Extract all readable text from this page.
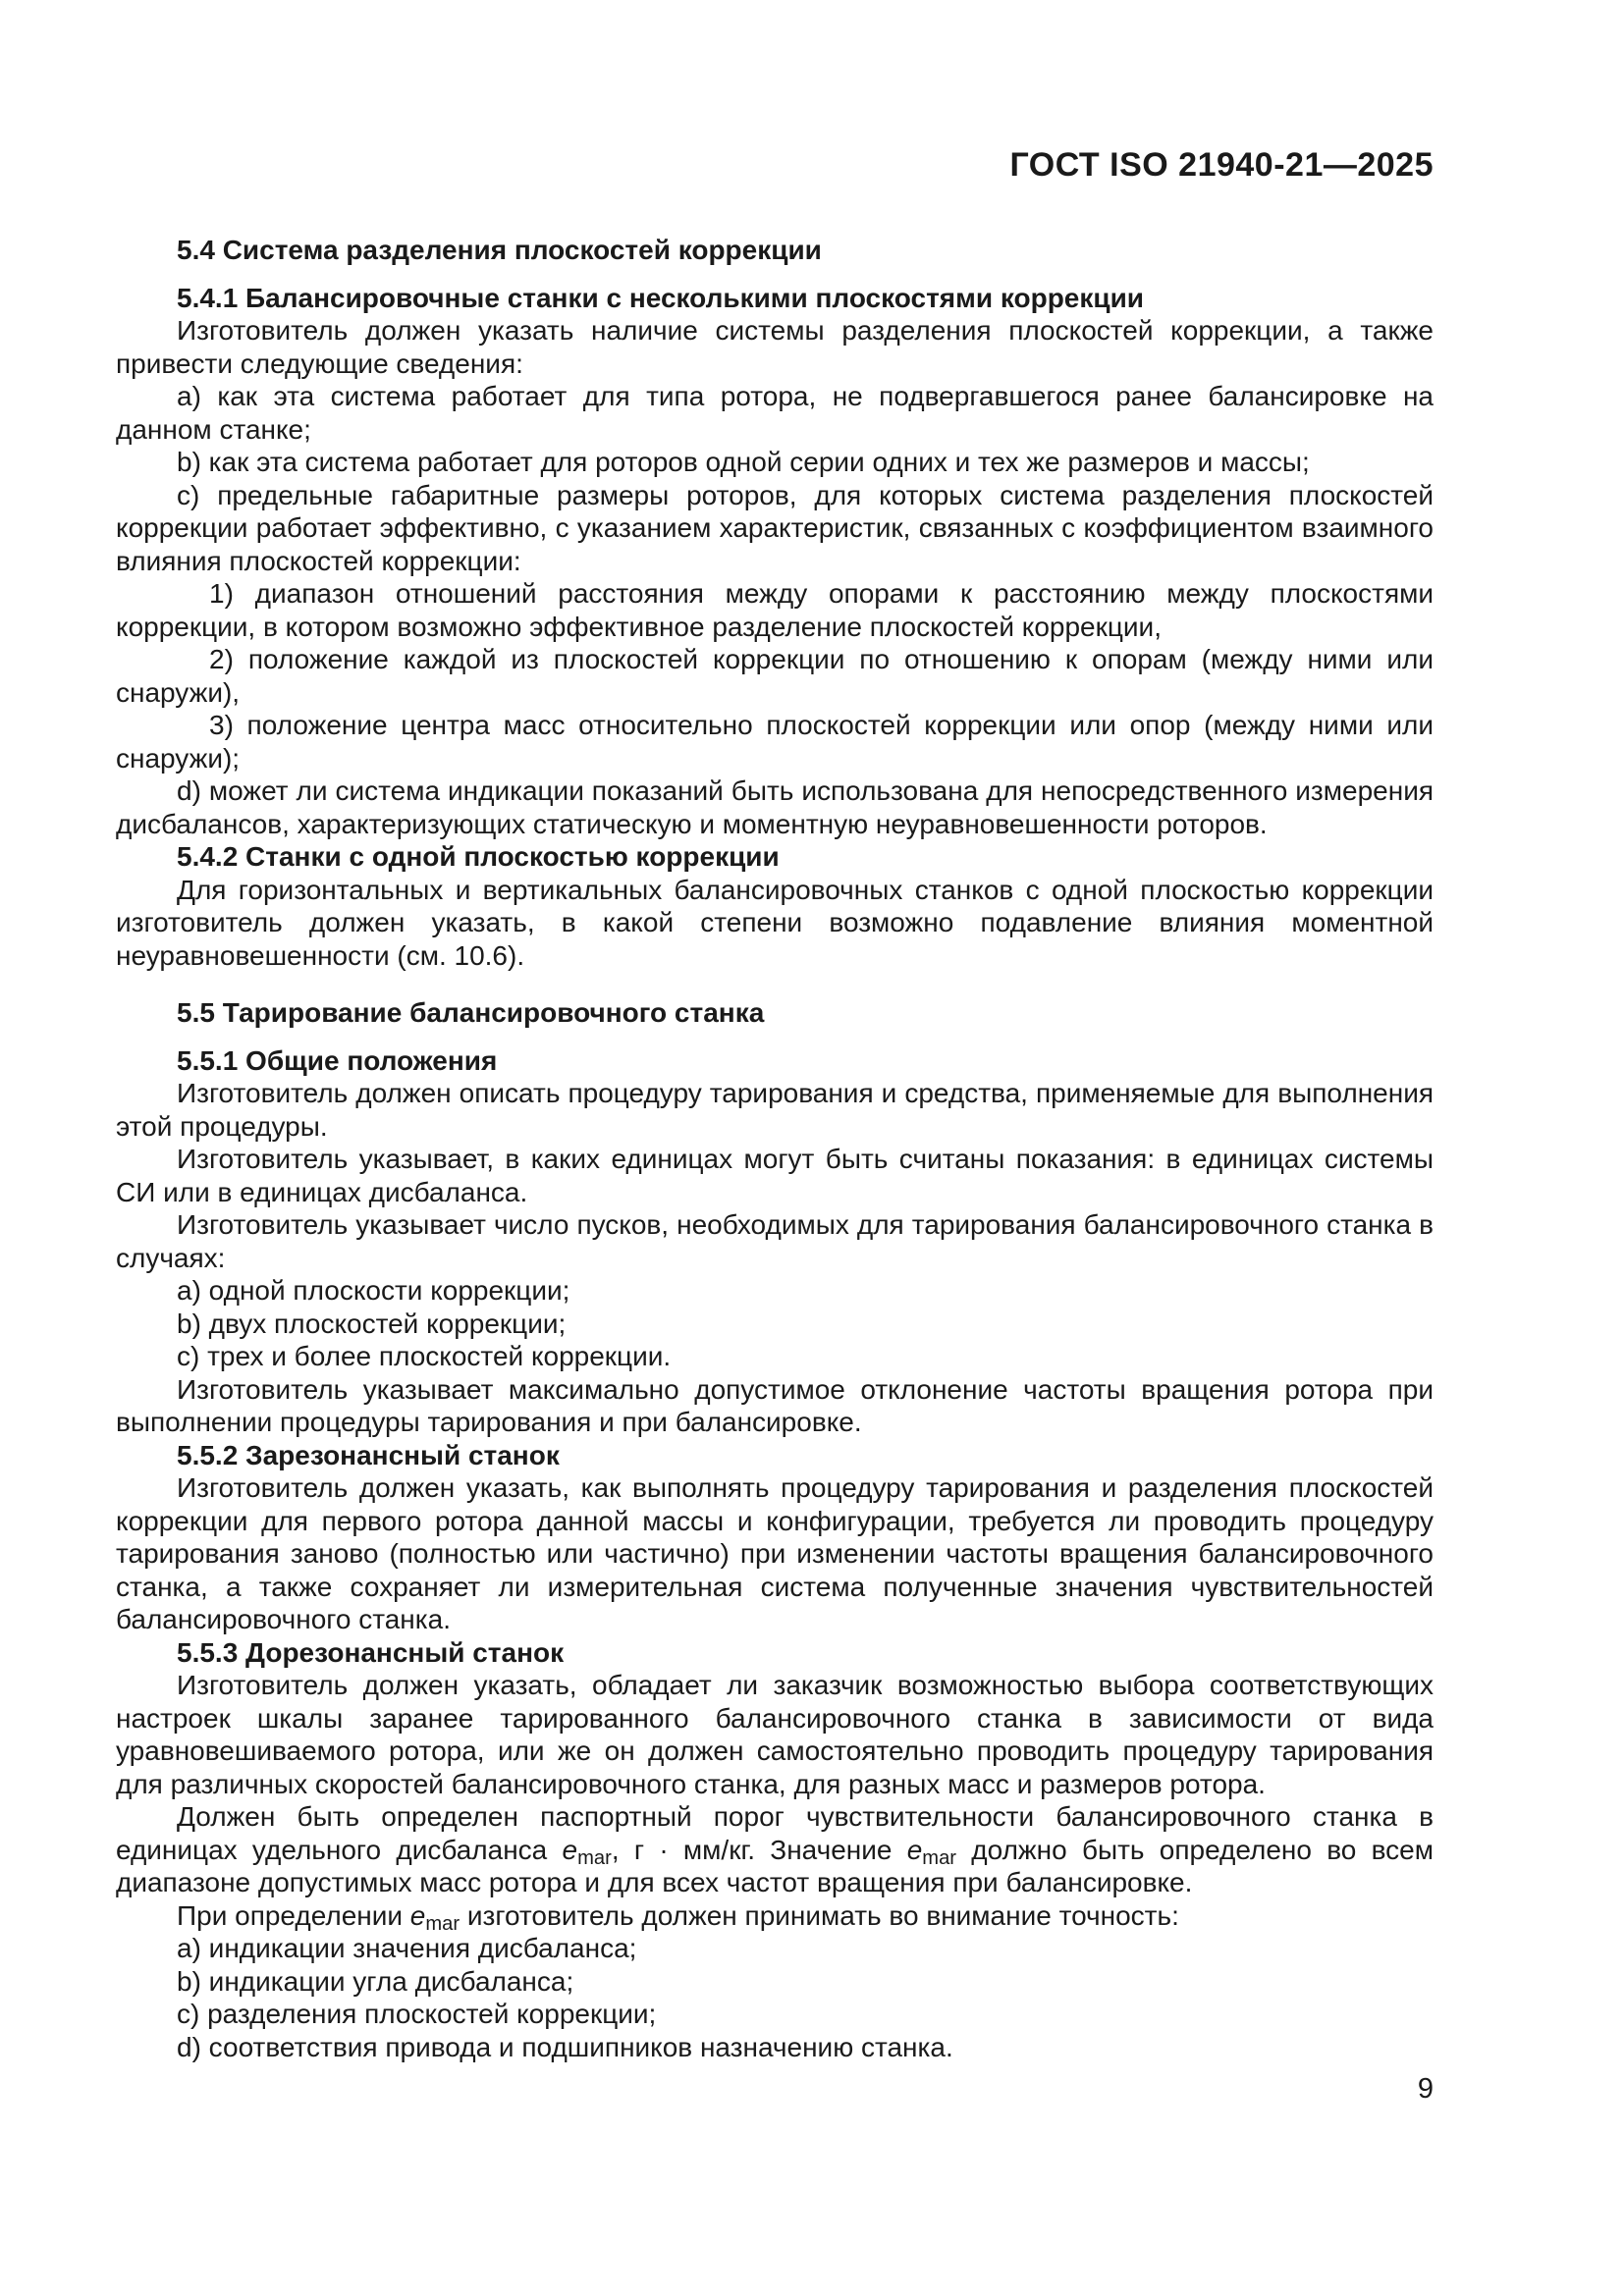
ГОСТ ISO 21940-21—2025
5.4 Система разделения плоскостей коррекции
5.4.1 Балансировочные станки с несколькими плоскостями коррекции

Изготовитель должен указать наличие системы разделения плоскостей коррекции, а также привести следующие сведения:

a) как эта система работает для типа ротора, не подвергавшегося ранее балансировке на данном станке;

b) как эта система работает для роторов одной серии одних и тех же размеров и массы;

c) предельные габаритные размеры роторов, для которых система разделения плоскостей коррекции работает эффективно, с указанием характеристик, связанных с коэффициентом взаимного влияния плоскостей коррекции:

1) диапазон отношений расстояния между опорами к расстоянию между плоскостями коррекции, в котором возможно эффективное разделение плоскостей коррекции,

2) положение каждой из плоскостей коррекции по отношению к опорам (между ними или снаружи),

3) положение центра масс относительно плоскостей коррекции или опор (между ними или снаружи);

d) может ли система индикации показаний быть использована для непосредственного измерения дисбалансов, характеризующих статическую и моментную неуравновешенности роторов.

5.4.2 Станки с одной плоскостью коррекции

Для горизонтальных и вертикальных балансировочных станков с одной плоскостью коррекции изготовитель должен указать, в какой степени возможно подавление влияния моментной неуравновешенности (см. 10.6).

5.5 Тарирование балансировочного станка
5.5.1 Общие положения

Изготовитель должен описать процедуру тарирования и средства, применяемые для выполнения этой процедуры.

Изготовитель указывает, в каких единицах могут быть считаны показания: в единицах системы СИ или в единицах дисбаланса.

Изготовитель указывает число пусков, необходимых для тарирования балансировочного станка в случаях:

a) одной плоскости коррекции;

b) двух плоскостей коррекции;

c) трех и более плоскостей коррекции.

Изготовитель указывает максимально допустимое отклонение частоты вращения ротора при выполнении процедуры тарирования и при балансировке.

5.5.2 Зарезонансный станок

Изготовитель должен указать, как выполнять процедуру тарирования и разделения плоскостей коррекции для первого ротора данной массы и конфигурации, требуется ли проводить процедуру тарирования заново (полностью или частично) при изменении частоты вращения балансировочного станка, а также сохраняет ли измерительная система полученные значения чувствительностей балансировочного станка.

5.5.3 Дорезонансный станок

Изготовитель должен указать, обладает ли заказчик возможностью выбора соответствующих настроек шкалы заранее тарированного балансировочного станка в зависимости от вида уравновешиваемого ротора, или же он должен самостоятельно проводить процедуру тарирования для различных скоростей балансировочного станка, для разных масс и размеров ротора.

Должен быть определен паспортный порог чувствительности балансировочного станка в единицах удельного дисбаланса $e_{mar}$, г · мм/кг. Значение $e_{mar}$ должно быть определено во всем диапазоне допустимых масс ротора и для всех частот вращения при балансировке.

При определении $e_{mar}$ изготовитель должен принимать во внимание точность:

a) индикации значения дисбаланса;

b) индикации угла дисбаланса;

c) разделения плоскостей коррекции;

d) соответствия привода и подшипников назначению станка.

9
